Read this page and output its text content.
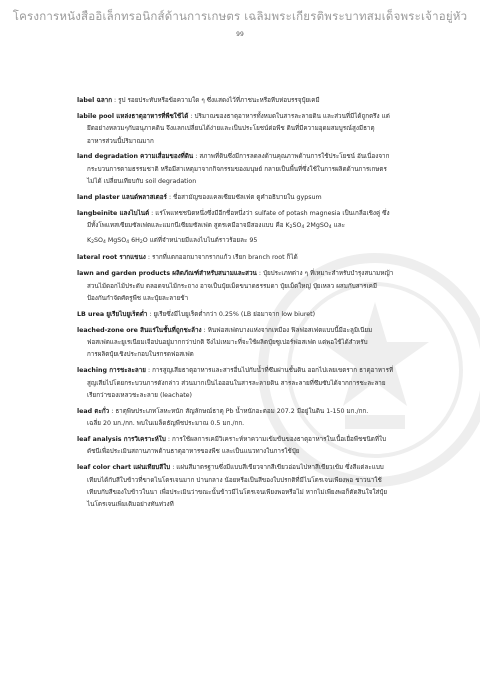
โครงการหนังสืออิเล็กทรอนิกส์ด้านการเกษตร เฉลิมพระเกียรติพระบาทสมเด็จพระเจ้าอยู่หัว
99
label ฉลาก : รูป รอยประทับหรือข้อความใด ๆ ซึ่งแสดงไว้ที่ภาชนะหรือหีบห่อบรรจุปุ๋ยเคมี
labile pool แหล่งธาตุอาหารที่พืชใช้ได้ : ปริมาณของธาตุอาหารทั้งหมดในสารละลายดิน และส่วนที่มีได้ถูกตรึง แต่
ยึดอย่างหลวมๆกับอนุภาคดิน จึงแลกเปลี่ยนได้ง่ายและเป็นประโยชน์ต่อพืช ดินที่มีความอุดมสมบูรณ์สูงมีธาตุ
อาหารส่วนนี้ปริมาณมาก
land degradation ความเสื่อมของที่ดิน : สภาพที่ดินซึ่งมีการลดลงด้านคุณภาพด้านการใช้ประโยชน์ อันเนื่องจาก
กระบวนการตามธรรมชาติ หรือมีสาเหตุมาจากกิจกรรมของมนุษย์ กลายเป็นพื้นที่ซึ่งใช้ในการผลิตด้านการเกษตร
ไม่ได้ เปลี่ยนเทียบกับ soil degradation
land plaster แลนด์พลาสเตอร์ : ชื่อสามัญของแคลเซียมซัลเฟต ดูคำอธิบายใน gypsum
langbeinite แลงไบไนต์ : แร่โพแทชชนิดหนึ่งซึ่งมีอีกชื่อหนึ่งว่า sulfate of potash magnesia เป็นเกลือเชิงคู่ ซึ่ง
มีทั้งโพแทสเซียมซัลเฟตและแมกนีเซียมซัลเฟต สูตรเคมีอาจมีสองแบบ คือ $K_2SO_4$ 2MgSO$_4$ และ
$K_2SO_4$ MgSO$_4$ $6H_2O$ แต่ที่จำหน่ายมีแลงไบไนต์ราวร้อยละ 95
lateral root รากแขนง : รากที่แตกออกมาจากรากแก้ว เรียก branch root ก็ได้
lawn and garden products ผลิตภัณฑ์สำหรับสนามและสวน : ปุ๋ยประเภทต่าง ๆ ที่เหมาะสำหรับบำรุงสนามหญ้า
สวนไม้ดอกไม้ประดับ ตลอดจนไม้กระถาง อาจเป็นปุ๋ยเม็ดขนาดธรรมดา ปุ๋ยเม็ดใหญ่ ปุ๋ยเหลว ผสมกับสารเคมี
ป้องกันกำจัดศัตรูพืช และปุ๋ยละลายช้า
LB urea ยูเรียไบยูเร็ตต่ำ : ยูเรียซึ่งมีไบยูเร็ตต่ำกว่า 0.25% (LB ย่อมาจาก low biuret)
leached-zone ore สินแร่ในชั้นที่ถูกชะล้าง : หินฟอสเฟตบางแห่งจากเหมือง ฟิลฟอสเฟตแบบนี้มีอะลูมิเนียม
ฟอสเฟตและยูเรเนียมเจือปนอยู่มากกว่าปกติ จึงไม่เหมาะที่จะใช้ผลิตปุ๋ยซูเปอร์ฟอสเฟต แต่พอใช้ได้สำหรับ
การผลิตปุ๋ยเชิงประกอบในรกรดฟอสเฟต
leaching การชะละลาย : การสูญเสียธาตุอาหารและสารอื่นไปกับน้ำที่ซึมผ่านชั้นดิน ออกไปเลยเขตราก ธาตุอาหารที่
สูญเสียไปโดยกระบวนการดังกล่าว ส่วนมากเป็นไอออนในสารละลายดิน สารละลายที่ซึมซับได้จากการชะละลาย
เรียกว่าของเหลวชะละลาย (leachate)
lead ตะกั่ว : ธาตุพิษประเภทโลหะหนัก สัญลักษณ์ธาตุ Pb น้ำหนักอะตอม 207.2 มีอยู่ในดิน 1-150 มก./กก.
เฉลี่ย 20 มก./กก. พบในเมล็ดธัญพืชประมาณ 0.5 มก./กก.
leaf analysis การวิเคราะห์ใบ : การใช้ผลการเคมีวิเคราะห์หาความเข้มข้นของธาตุอาหารในเนื้อเยื่อพืชชนิดที่ใบ
ดัชนีเพื่อประเมินสถานภาพด้านธาตุอาหารของพืช และเป็นแนวทางในการใช้ปุ๋ย
leaf color chart แผ่นเทียบสีใบ : แผ่นสีมาตรฐานซึ่งมีแบบสีเขียวจากสีเขียวอ่อนไปหาสีเขียวเข้ม ซึ่งสีแต่ละแบบ
เทียบได้กับสีใบข้าวที่ขาดไนโตรเจนมาก ปานกลาง น้อยหรือเป็นสีของใบปรกติที่มีไนโตรเจนเพียงพอ ชาวนาใช้
เทียบกับสีของใบข้าวในนา เพื่อประเมินว่าขณะนั้นข้าวมีไนโตรเจนเพียงพอหรือไม่ หากไม่เพียงพอก็ตัดสินใจใส่ปุ๋ย
ไนโตรเจนเพิ่มเติมอย่างทันท่วงที
